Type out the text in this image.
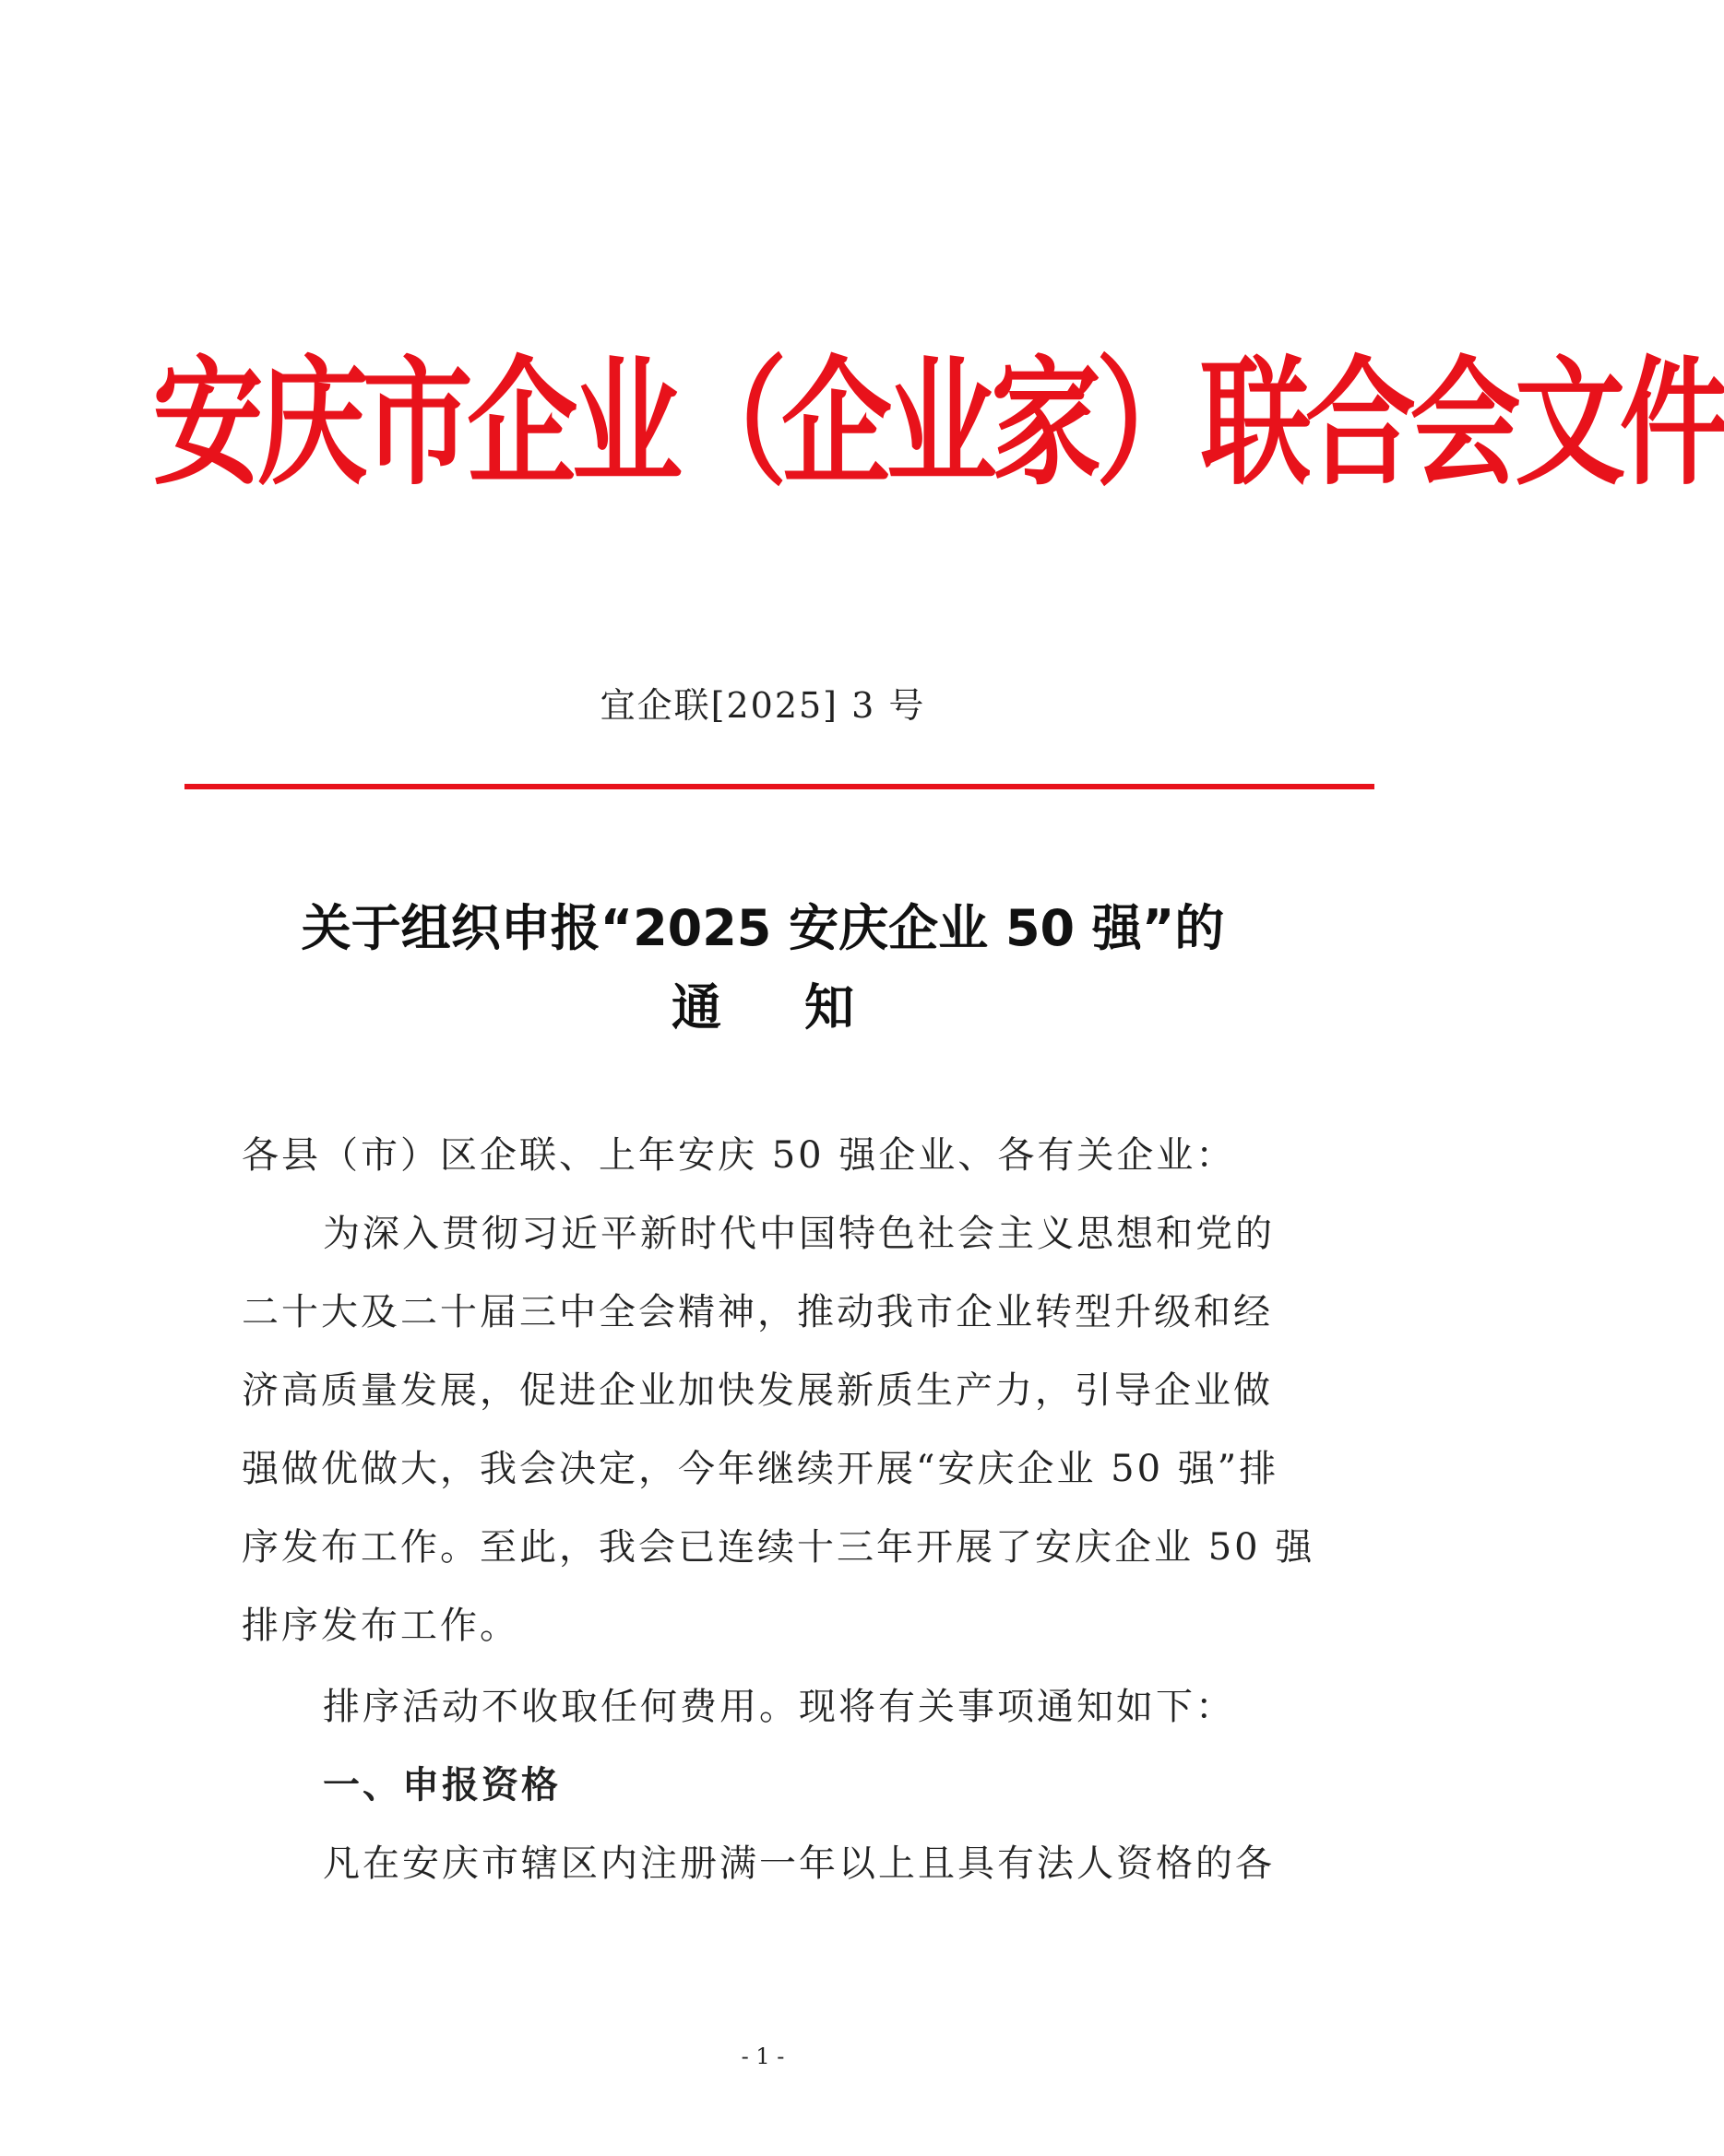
安庆市企业（企业家）联合会文件
宜企联[2025] 3 号
关于组织申报“2025 安庆企业 50 强”的
通知
各县（市）区企联、上年安庆 50 强企业、各有关企业：
为深入贯彻习近平新时代中国特色社会主义思想和党的
二十大及二十届三中全会精神，推动我市企业转型升级和经
济高质量发展，促进企业加快发展新质生产力，引导企业做
强做优做大，我会决定，今年继续开展“安庆企业 50 强”排
序发布工作。至此，我会已连续十三年开展了安庆企业 50 强
排序发布工作。
排序活动不收取任何费用。现将有关事项通知如下：
一、申报资格
凡在安庆市辖区内注册满一年以上且具有法人资格的各
- 1 -
